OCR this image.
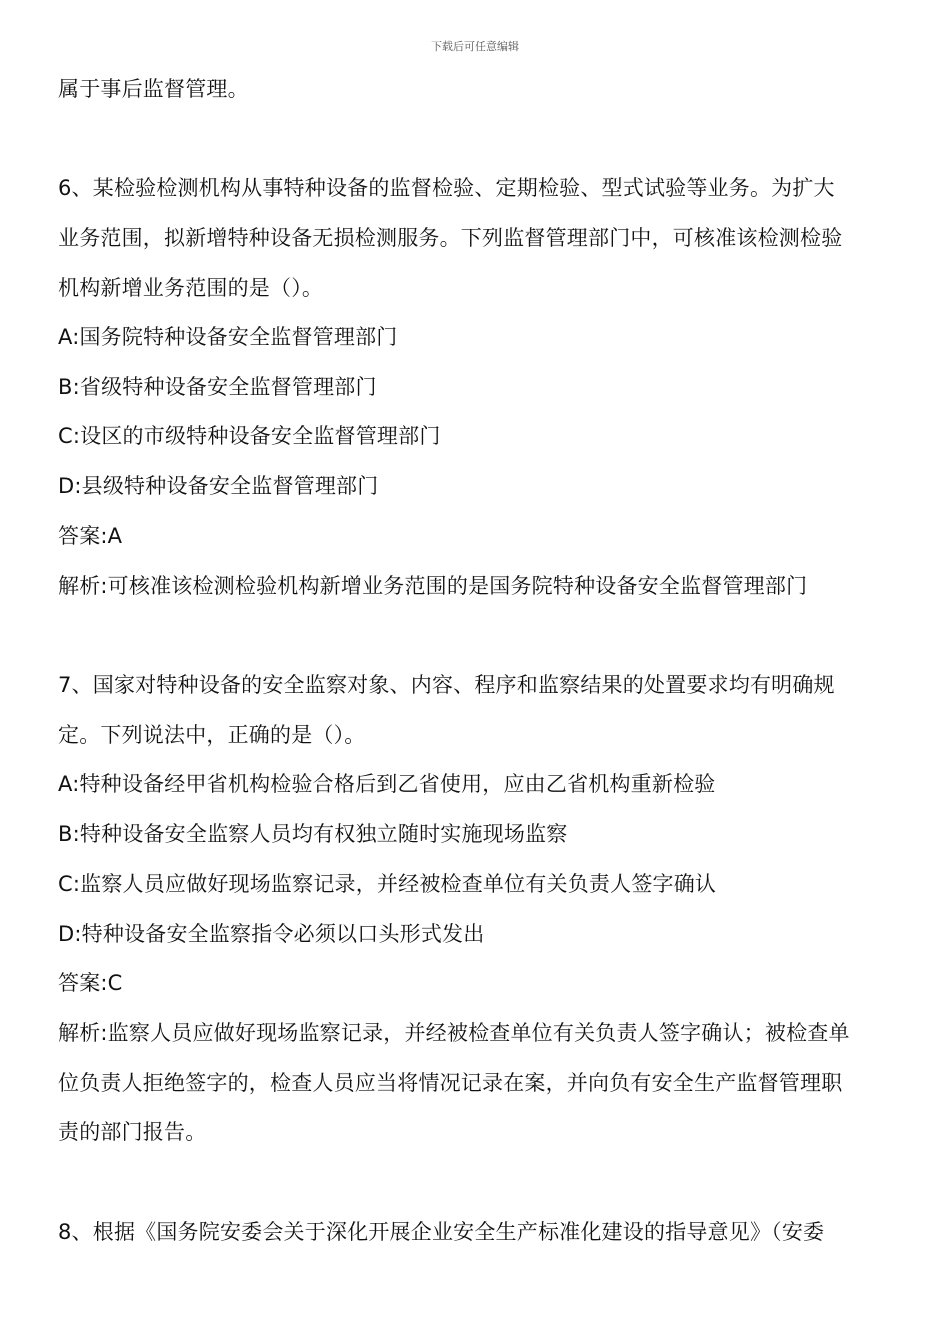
下载后可任意编辑
属于事后监督管理。
6、某检验检测机构从事特种设备的监督检验、定期检验、型式试验等业务。为扩大
业务范围，拟新增特种设备无损检测服务。下列监督管理部门中，可核准该检测检验
机构新增业务范围的是（）。
A:国务院特种设备安全监督管理部门
B:省级特种设备安全监督管理部门
C:设区的市级特种设备安全监督管理部门
D:县级特种设备安全监督管理部门
答案:A
解析:可核准该检测检验机构新增业务范围的是国务院特种设备安全监督管理部门
7、国家对特种设备的安全监察对象、内容、程序和监察结果的处置要求均有明确规
定。下列说法中，正确的是（）。
A:特种设备经甲省机构检验合格后到乙省使用，应由乙省机构重新检验
B:特种设备安全监察人员均有权独立随时实施现场监察
C:监察人员应做好现场监察记录，并经被检查单位有关负责人签字确认
D:特种设备安全监察指令必须以口头形式发出
答案:C
解析:监察人员应做好现场监察记录，并经被检查单位有关负责人签字确认；被检查单
位负责人拒绝签字的，检查人员应当将情况记录在案，并向负有安全生产监督管理职
责的部门报告。
8、根据《国务院安委会关于深化开展企业安全生产标准化建设的指导意见》（安委
